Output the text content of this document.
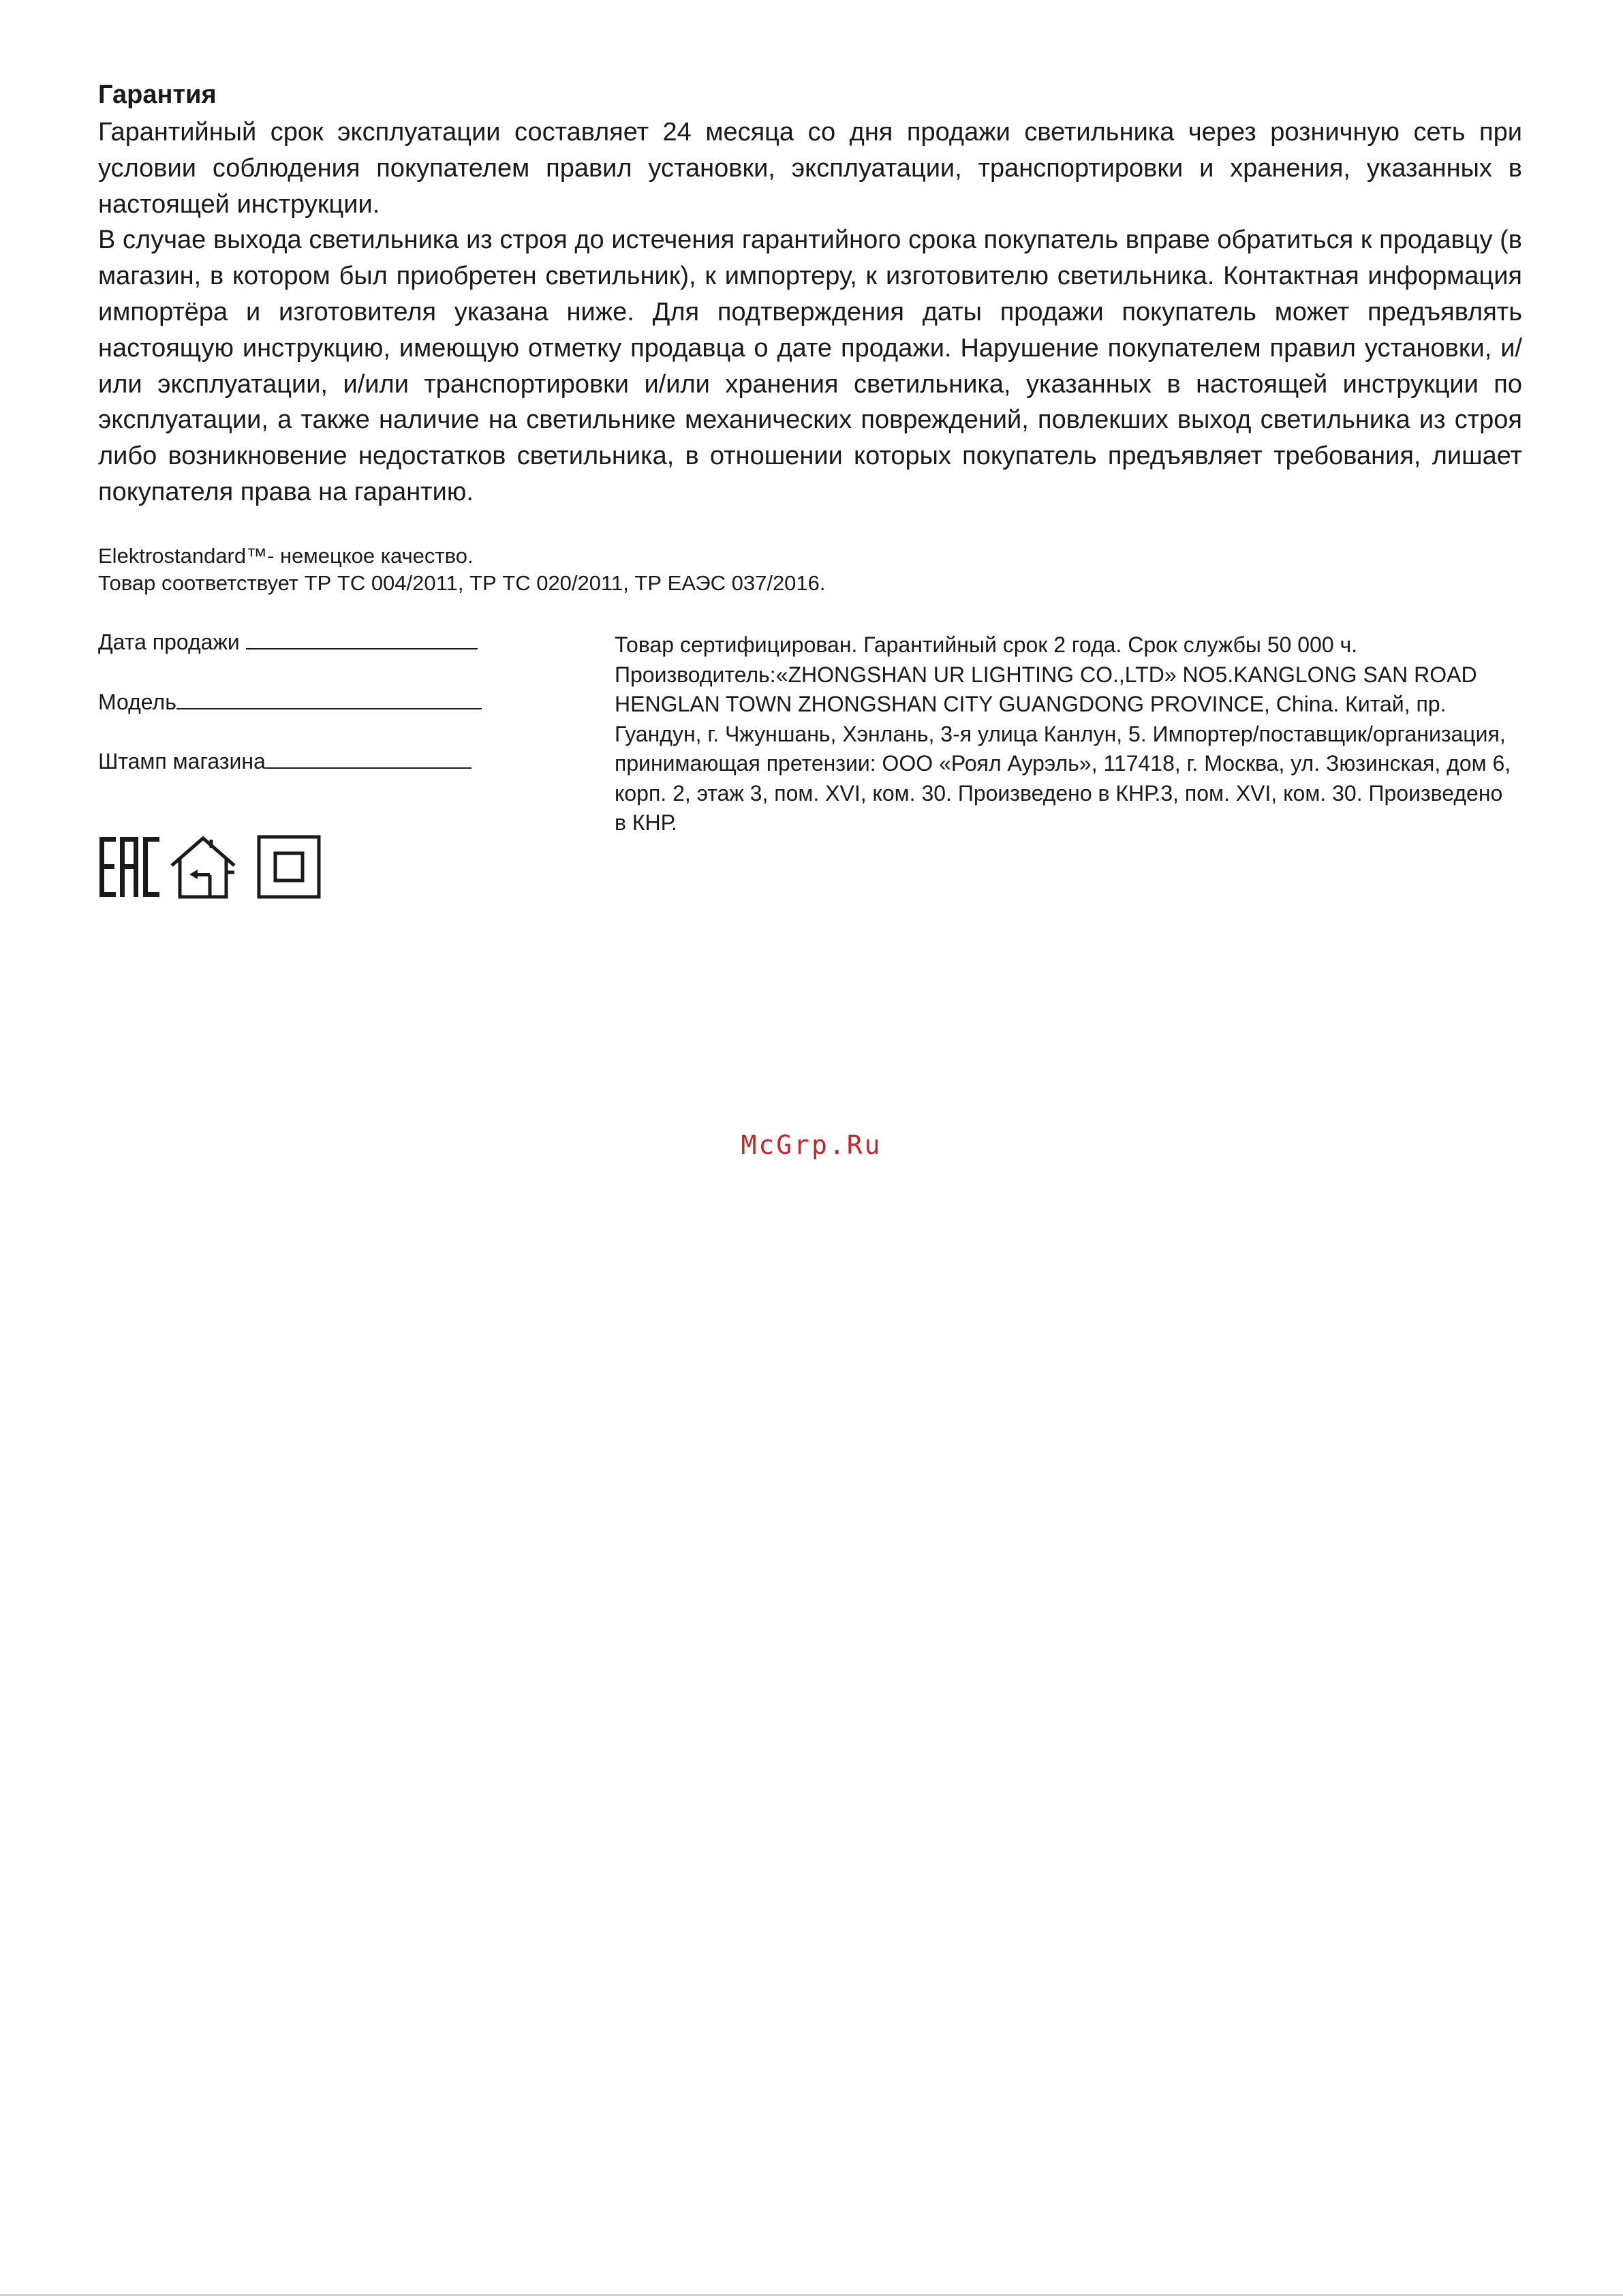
Гарантия

Гарантийный срок эксплуатации составляет 24 месяца со дня продажи светильника через розничную сеть при условии соблюдения покупателем правил установки, эксплуатации, транспортировки и хранения, указанных в настоящей инструкции.

В случае выхода светильника из строя до истечения гарантийного срока покупатель вправе обратиться к продавцу (в магазин, в котором был приобретен светильник), к импортеру, к изготовителю светильника. Контактная информация импортёра и изготовителя указана ниже. Для подтверждения даты продажи покупатель может предъявлять настоящую инструкцию, имеющую отметку продавца о дате продажи. Нарушение покупателем правил установки, и/или эксплуатации, и/или транспортировки и/или хранения светильника, указанных в настоящей инструкции по эксплуатации, а также наличие на светильнике механических повреждений, повлекших выход светильника из строя либо возникновение недостатков светильника, в отношении которых покупатель предъявляет требования, лишает покупателя права на гарантию.

Elektrostandard™- немецкое качество.
Товар соответствует ТР ТС 004/2011, ТР ТС 020/2011, ТР ЕАЭС 037/2016.
Дата продажи
Модель
Штамп магазина
Товар сертифицирован. Гарантийный срок 2 года. Срок службы 50 000 ч. Производитель:«ZHONGSHAN UR LIGHTING CO.,LTD» NO5.KANGLONG SAN ROAD HENGLAN TOWN ZHONGSHAN CITY GUANGDONG PROVINCE, China. Китай, пр. Гуандун, г. Чжуншань, Хэнлань, 3-я улица Канлун, 5. Импортер/поставщик/организация, принимающая претензии: ООО «Роял Аурэль», 117418, г. Москва, ул. Зюзинская, дом 6, корп. 2, этаж 3, пом. XVI, ком. 30. Произведено в КНР.3, пом. XVI, ком. 30. Произведено в КНР.
McGrp.Ru
